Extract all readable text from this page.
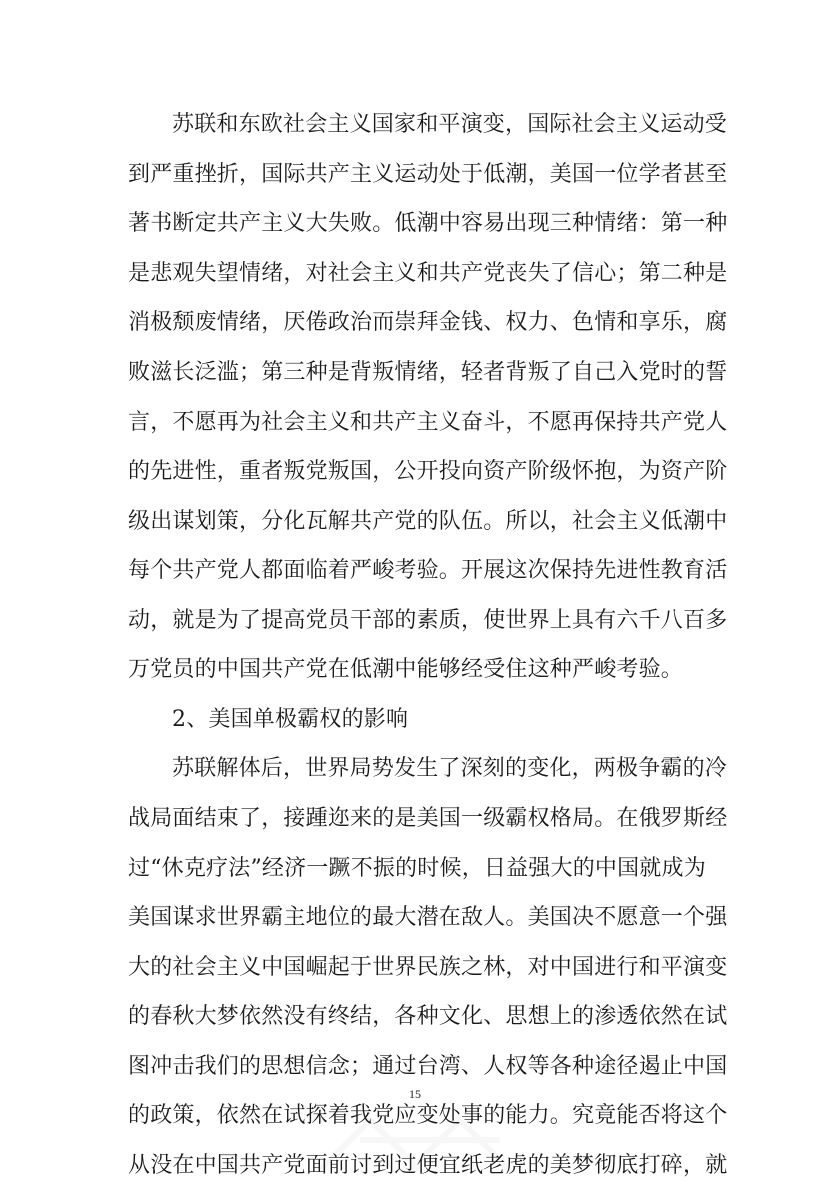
苏联和东欧社会主义国家和平演变，国际社会主义运动受
到严重挫折，国际共产主义运动处于低潮，美国一位学者甚至
著书断定共产主义大失败。低潮中容易出现三种情绪：第一种
是悲观失望情绪，对社会主义和共产党丧失了信心；第二种是
消极颓废情绪，厌倦政治而崇拜金钱、权力、色情和享乐，腐
败滋长泛滥；第三种是背叛情绪，轻者背叛了自己入党时的誓
言，不愿再为社会主义和共产主义奋斗，不愿再保持共产党人
的先进性，重者叛党叛国，公开投向资产阶级怀抱，为资产阶
级出谋划策，分化瓦解共产党的队伍。所以，社会主义低潮中
每个共产党人都面临着严峻考验。开展这次保持先进性教育活
动，就是为了提高党员干部的素质，使世界上具有六千八百多
万党员的中国共产党在低潮中能够经受住这种严峻考验。
2、美国单极霸权的影响
苏联解体后，世界局势发生了深刻的变化，两极争霸的冷
战局面结束了，接踵迩来的是美国一级霸权格局。在俄罗斯经
过“休克疗法”经济一蹶不振的时候，日益强大的中国就成为
美国谋求世界霸主地位的最大潜在敌人。美国决不愿意一个强
大的社会主义中国崛起于世界民族之林，对中国进行和平演变
的春秋大梦依然没有终结，各种文化、思想上的渗透依然在试
图冲击我们的思想信念；通过台湾、人权等各种途径遏止中国
的政策，依然在试探着我党应变处事的能力。究竟能否将这个
从没在中国共产党面前讨到过便宜纸老虎的美梦彻底打碎，就
15
